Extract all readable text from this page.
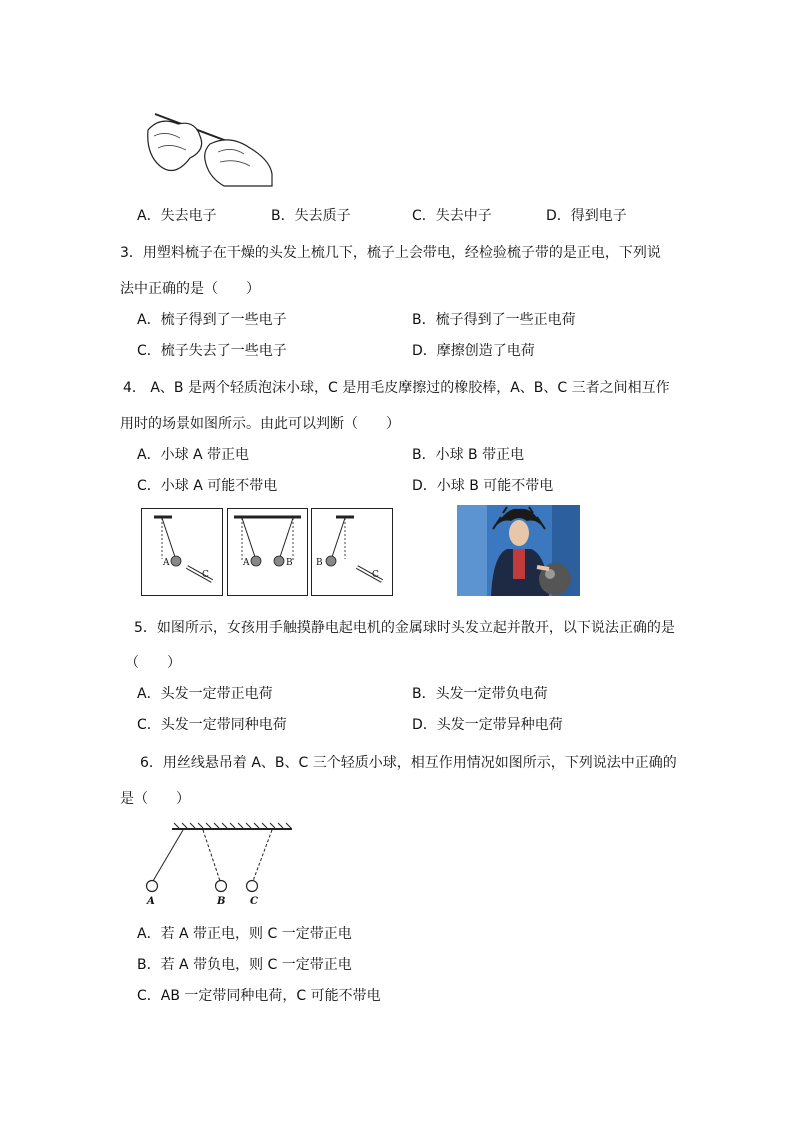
A．失去电子	B．失去质子	C．失去中子	D．得到电子
3．用塑料梳子在干燥的头发上梳几下，梳子上会带电，经检验梳子带的是正电，下列说
法中正确的是（　　）
A．梳子得到了一些电子	B．梳子得到了一些正电荷
C．梳子失去了一些电子	D．摩擦创造了电荷
4． A、B 是两个轻质泡沫小球，C 是用毛皮摩擦过的橡胶棒，A、B、C 三者之间相互作
用时的场景如图所示。由此可以判断（　　）
A．小球 A 带正电	B．小球 B 带正电
C．小球 A 可能不带电	D．小球 B 可能不带电
A
C
A	B	B
C
5．如图所示，女孩用手触摸静电起电机的金属球时头发立起并散开，以下说法正确的是
（　　）
A．头发一定带正电荷	B．头发一定带负电荷
C．头发一定带同种电荷	D．头发一定带异种电荷
6．用丝线悬吊着 A、B、C 三个轻质小球，相互作用情况如图所示，下列说法中正确的
是（　　）
A	B C
A．若 A 带正电，则 C 一定带正电
B．若 A 带负电，则 C 一定带正电
C．AB 一定带同种电荷，C 可能不带电
